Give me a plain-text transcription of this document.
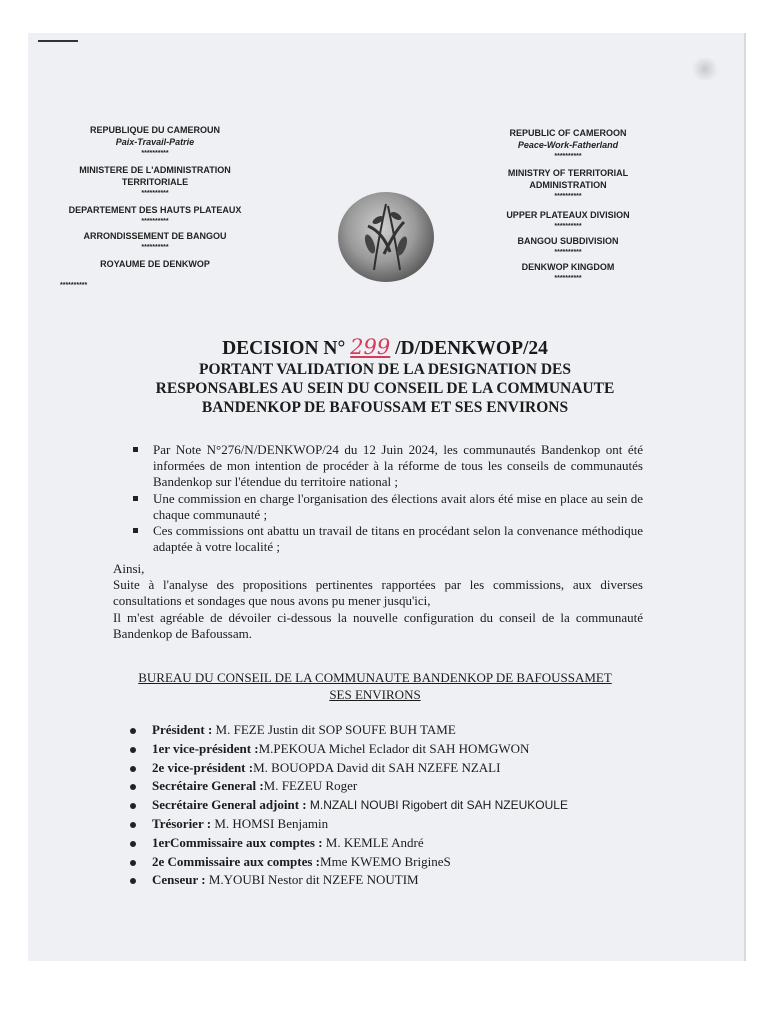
REPUBLIQUE DU CAMEROUN
Paix-Travail-Patrie
**********
MINISTERE DE L'ADMINISTRATION
TERRITORIALE
**********
DEPARTEMENT DES HAUTS PLATEAUX
**********
ARRONDISSEMENT DE BANGOU
**********
ROYAUME DE DENKWOP
**********
REPUBLIC OF CAMEROON
Peace-Work-Fatherland
**********
MINISTRY OF TERRITORIAL
ADMINISTRATION
**********
UPPER PLATEAUX DIVISION
**********
BANGOU SUBDIVISION
**********
DENKWOP KINGDOM
**********
DECISION N° 299 /D/DENKWOP/24
PORTANT VALIDATION DE LA DESIGNATION DES
RESPONSABLES AU SEIN DU CONSEIL DE LA COMMUNAUTE
BANDENKOP DE BAFOUSSAM ET SES ENVIRONS
Par Note N°276/N/DENKWOP/24 du 12 Juin 2024, les communautés Bandenkop ont été informées de mon intention de procéder à la réforme de tous les conseils de communautés Bandenkop sur l'étendue du territoire national ;
Une commission en charge l'organisation des élections avait alors été mise en place au sein de chaque communauté ;
Ces commissions ont abattu un travail de titans en procédant selon la convenance méthodique adaptée à votre localité ;

Ainsi,

Suite à l'analyse des propositions pertinentes rapportées par les commissions, aux diverses consultations et sondages que nous avons pu mener jusqu'ici,

Il m'est agréable de dévoiler ci-dessous la nouvelle configuration du conseil de la communauté Bandenkop de Bafoussam.

BUREAU DU CONSEIL DE LA COMMUNAUTE BANDENKOP DE BAFOUSSAMET
SES ENVIRONS
Président : M. FEZE Justin dit SOP SOUFE BUH TAME
1er vice-président :M.PEKOUA Michel Eclador dit SAH HOMGWON
2e vice-président :M. BOUOPDA David dit SAH NZEFE NZALI
Secrétaire General :M. FEZEU Roger
Secrétaire General adjoint : M.NZALI NOUBI Rigobert dit SAH NZEUKOULE
Trésorier : M. HOMSI Benjamin
1erCommissaire aux comptes : M. KEMLE André
2e Commissaire aux comptes :Mme KWEMO BrigineS
Censeur : M.YOUBI Nestor dit NZEFE NOUTIM
